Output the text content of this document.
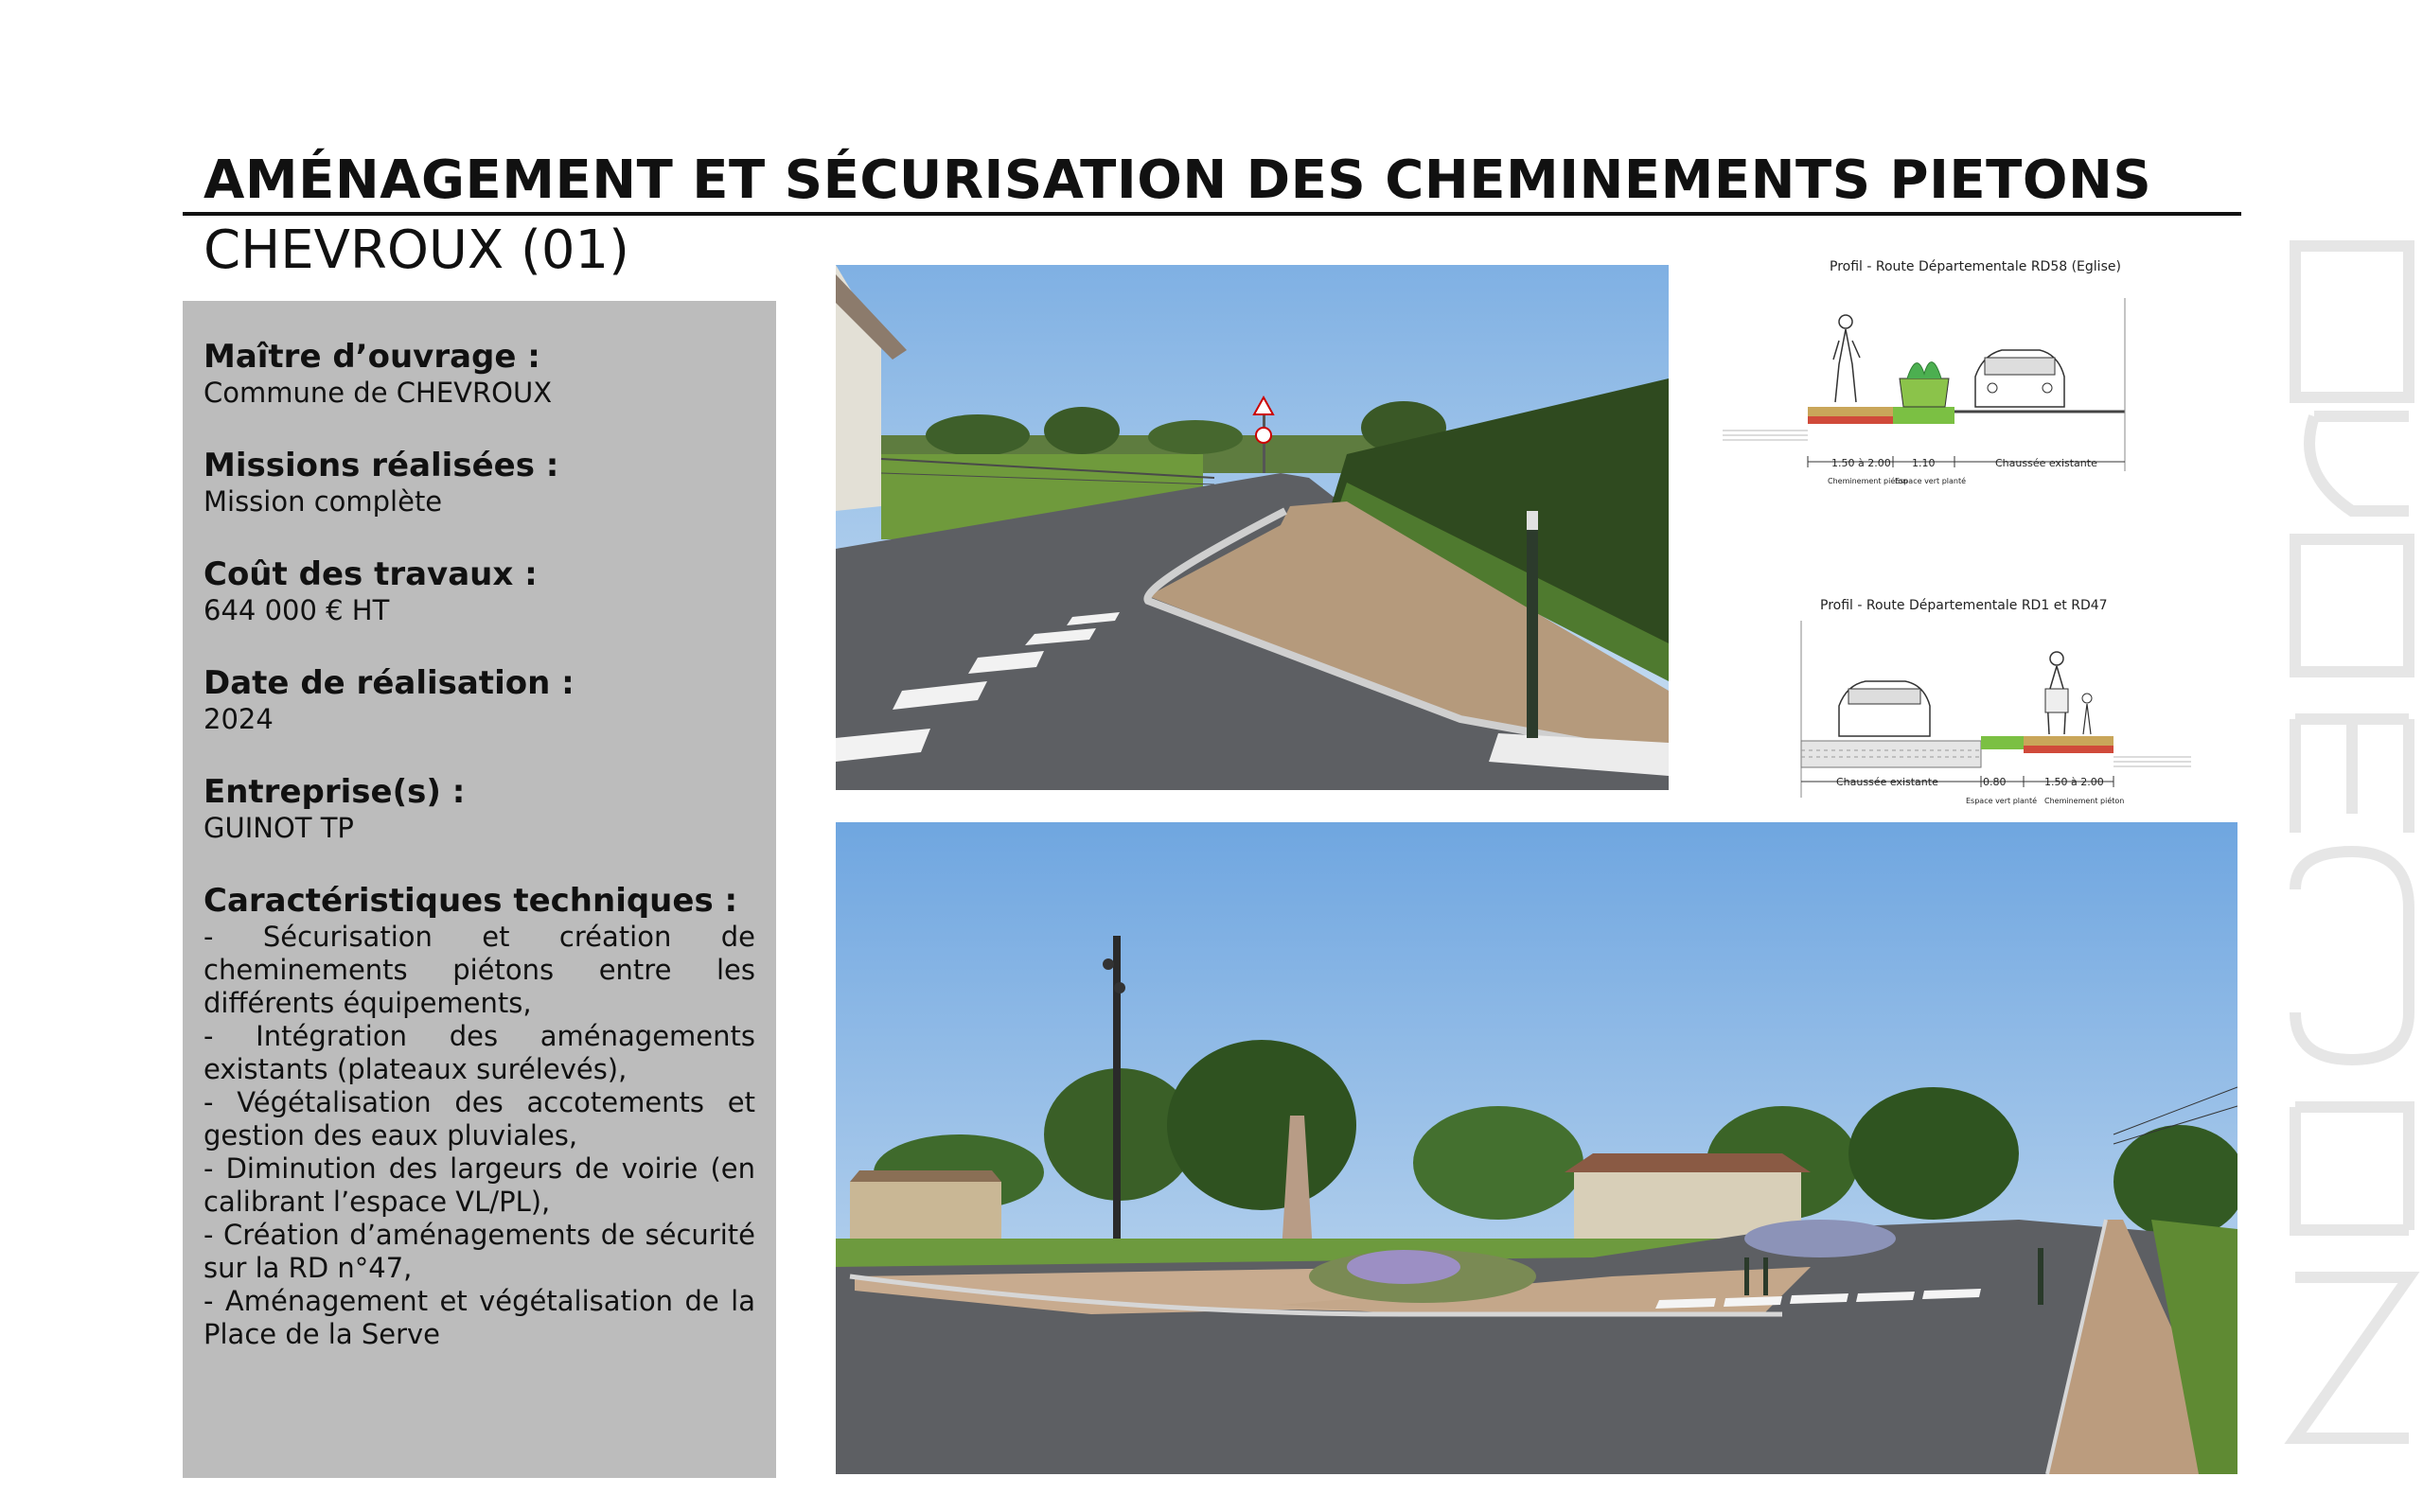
AMÉNAGEMENT ET SÉCURISATION DES CHEMINEMENTS PIETONS
CHEVROUX (01)
Maître d’ouvrage :
Commune de CHEVROUX
Missions réalisées :
Mission complète
Coût des travaux :
644 000 € HT
Date de réalisation :
2024
Entreprise(s) :
GUINOT TP
Caractéristiques techniques :
- Sécurisation et création de cheminements piétons entre les différents équipements,
- Intégration des aménagements existants (plateaux surélevés),
- Végétalisation des accotements et gestion des eaux pluviales,
- Diminution des largeurs de voirie (en calibrant l’espace VL/PL),
- Création d’aménagements de sécurité sur la RD n°47,
- Aménagement et végétalisation de la Place de la Serve
Profil - Route Départementale RD58 (Eglise)
1.50 à 2.00 1.10	Chaussée existante
Cheminement piéton
Espace vert planté
Profil - Route Départementale RD1 et RD47
Chaussée existante	0.80	1.50 à 2.00
Espace vert planté Cheminement piéton
